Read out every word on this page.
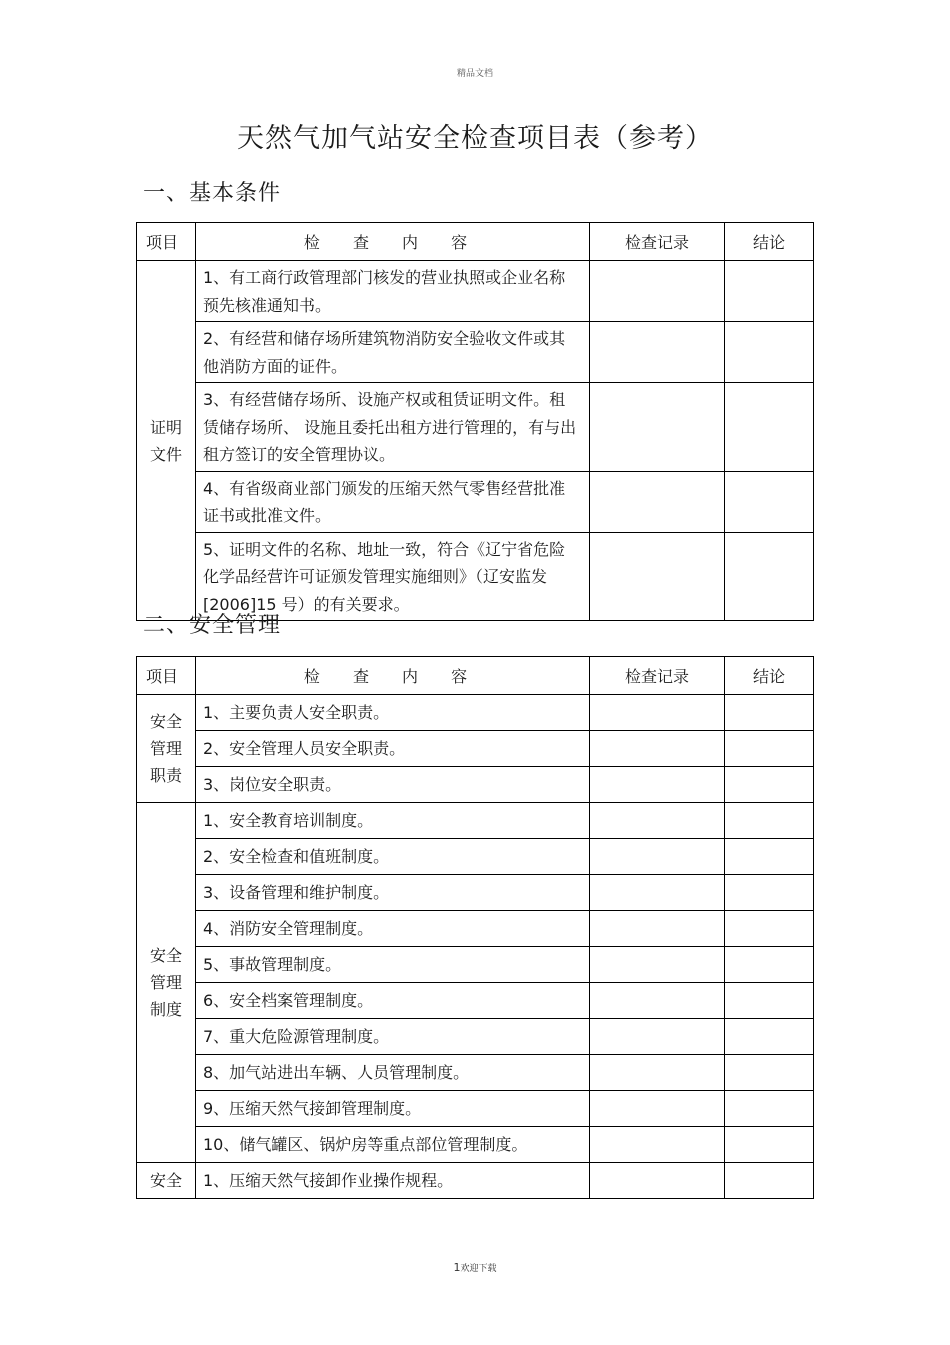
精品文档
天然气加气站安全检查项目表（参考）
一、基本条件
项目	检 查 内 容	检查记录	结论

证明
文件	1、有工商行政管理部门核发的营业执照或企业名称预先核准通知书。		
	2、有经营和储存场所建筑物消防安全验收文件或其他消防方面的证件。		
	3、有经营储存场所、设施产权或租赁证明文件。租赁储存场所、 设施且委托出租方进行管理的，有与出租方签订的安全管理协议。		
	4、有省级商业部门颁发的压缩天然气零售经营批准证书或批准文件。		
	5、证明文件的名称、地址一致，符合《辽宁省危险化学品经营许可证颁发管理实施细则》（辽安监发 [2006]15 号）的有关要求。		
二、安全管理
项目	检 查 内 容	检查记录	结论

安全
管理
职责	1、主要负责人安全职责。		
	2、安全管理人员安全职责。		
	3、岗位安全职责。		

安全
管理
制度	1、安全教育培训制度。		
	2、安全检查和值班制度。		
	3、设备管理和维护制度。		
	4、消防安全管理制度。		
	5、事故管理制度。		
	6、安全档案管理制度。		
	7、重大危险源管理制度。		
	8、加气站进出车辆、人员管理制度。		
	9、压缩天然气接卸管理制度。		
	10、储气罐区、锅炉房等重点部位管理制度。		

安全	1、压缩天然气接卸作业操作规程。		
1欢迎下载
